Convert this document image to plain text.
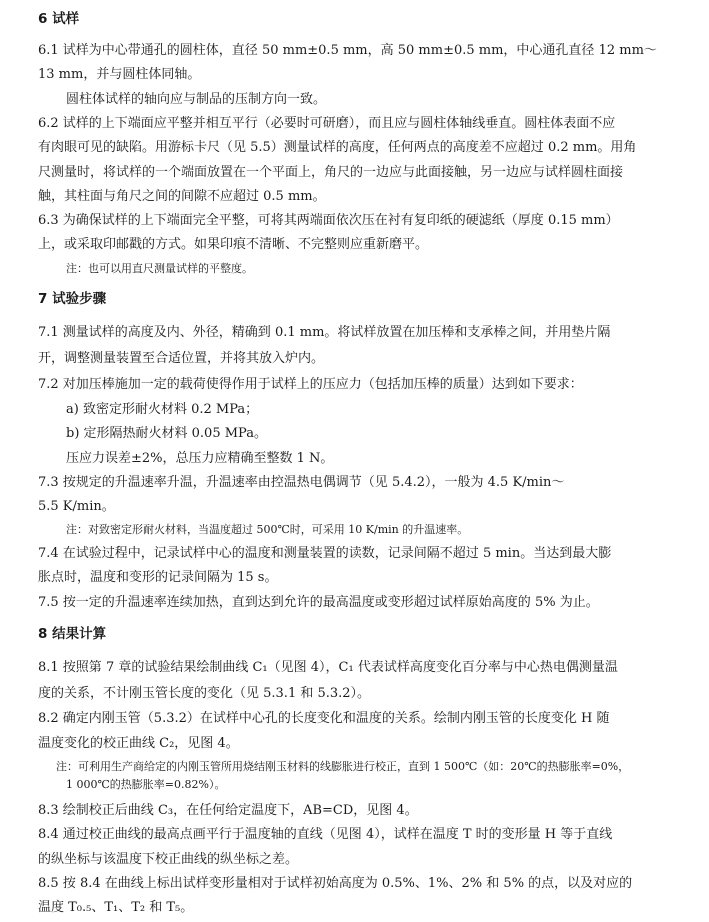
6 试样
6.1 试样为中心带通孔的圆柱体，直径 50 mm±0.5 mm，高 50 mm±0.5 mm，中心通孔直径 12 mm～
13 mm，并与圆柱体同轴。
圆柱体试样的轴向应与制品的压制方向一致。
6.2 试样的上下端面应平整并相互平行（必要时可研磨），而且应与圆柱体轴线垂直。圆柱体表面不应
有肉眼可见的缺陷。用游标卡尺（见 5.5）测量试样的高度，任何两点的高度差不应超过 0.2 mm。用角
尺测量时，将试样的一个端面放置在一个平面上，角尺的一边应与此面接触，另一边应与试样圆柱面接
触，其柱面与角尺之间的间隙不应超过 0.5 mm。
6.3 为确保试样的上下端面完全平整，可将其两端面依次压在衬有复印纸的硬滤纸（厚度 0.15 mm）
上，或采取印邮戳的方式。如果印痕不清晰、不完整则应重新磨平。
注：也可以用直尺测量试样的平整度。
7 试验步骤
7.1 测量试样的高度及内、外径，精确到 0.1 mm。将试样放置在加压棒和支承棒之间，并用垫片隔
开，调整测量装置至合适位置，并将其放入炉内。
7.2 对加压棒施加一定的载荷使得作用于试样上的压应力（包括加压棒的质量）达到如下要求：
a) 致密定形耐火材料 0.2 MPa；
b) 定形隔热耐火材料 0.05 MPa。
压应力误差±2%，总压力应精确至整数 1 N。
7.3 按规定的升温速率升温，升温速率由控温热电偶调节（见 5.4.2），一般为 4.5 K/min～
5.5 K/min。
注：对致密定形耐火材料，当温度超过 500℃时，可采用 10 K/min 的升温速率。
7.4 在试验过程中，记录试样中心的温度和测量装置的读数，记录间隔不超过 5 min。当达到最大膨
胀点时，温度和变形的记录间隔为 15 s。
7.5 按一定的升温速率连续加热，直到达到允许的最高温度或变形超过试样原始高度的 5% 为止。
8 结果计算
8.1 按照第 7 章的试验结果绘制曲线 C₁（见图 4），C₁ 代表试样高度变化百分率与中心热电偶测量温
度的关系，不计刚玉管长度的变化（见 5.3.1 和 5.3.2）。
8.2 确定内刚玉管（5.3.2）在试样中心孔的长度变化和温度的关系。绘制内刚玉管的长度变化 H 随
温度变化的校正曲线 C₂，见图 4。
注：可利用生产商给定的内刚玉管所用烧结刚玉材料的线膨胀进行校正，直到 1 500℃（如：20℃的热膨胀率=0%，
1 000℃的热膨胀率=0.82%）。
8.3 绘制校正后曲线 C₃，在任何给定温度下，AB=CD，见图 4。
8.4 通过校正曲线的最高点画平行于温度轴的直线（见图 4），试样在温度 T 时的变形量 H 等于直线
的纵坐标与该温度下校正曲线的纵坐标之差。
8.5 按 8.4 在曲线上标出试样变形量相对于试样初始高度为 0.5%、1%、2% 和 5% 的点，以及对应的
温度 T₀.₅、T₁、T₂ 和 T₅。
